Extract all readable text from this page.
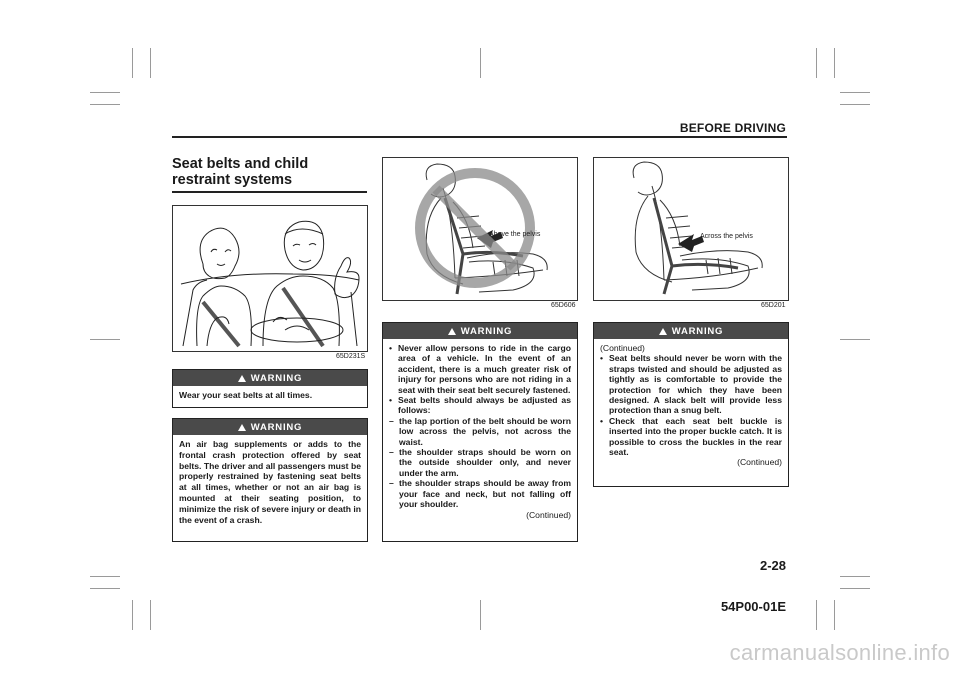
BEFORE DRIVING
Seat belts and child restraint systems
65D231S
WARNING
Wear your seat belts at all times.
WARNING
An air bag supplements or adds to the frontal crash protection offered by seat belts. The driver and all passengers must be properly restrained by fastening seat belts at all times, whether or not an air bag is mounted at their seating position, to minimize the risk of severe injury or death in the event of a crash.
Above the pelvis
65D606
WARNING
• Never allow persons to ride in the cargo area of a vehicle. In the event of an accident, there is a much greater risk of injury for persons who are not riding in a seat with their seat belt securely fastened.
• Seat belts should always be adjusted as follows:
– the lap portion of the belt should be worn low across the pelvis, not across the waist.
– the shoulder straps should be worn on the outside shoulder only, and never under the arm.
– the shoulder straps should be away from your face and neck, but not falling off your shoulder.
(Continued)
Across the pelvis
65D201
WARNING
(Continued)
• Seat belts should never be worn with the straps twisted and should be adjusted as tightly as is comfortable to provide the protection for which they have been designed. A slack belt will provide less protection than a snug belt.
• Check that each seat belt buckle is inserted into the proper buckle catch. It is possible to cross the buckles in the rear seat.
(Continued)
2-28
54P00-01E
carmanualsonline.info
